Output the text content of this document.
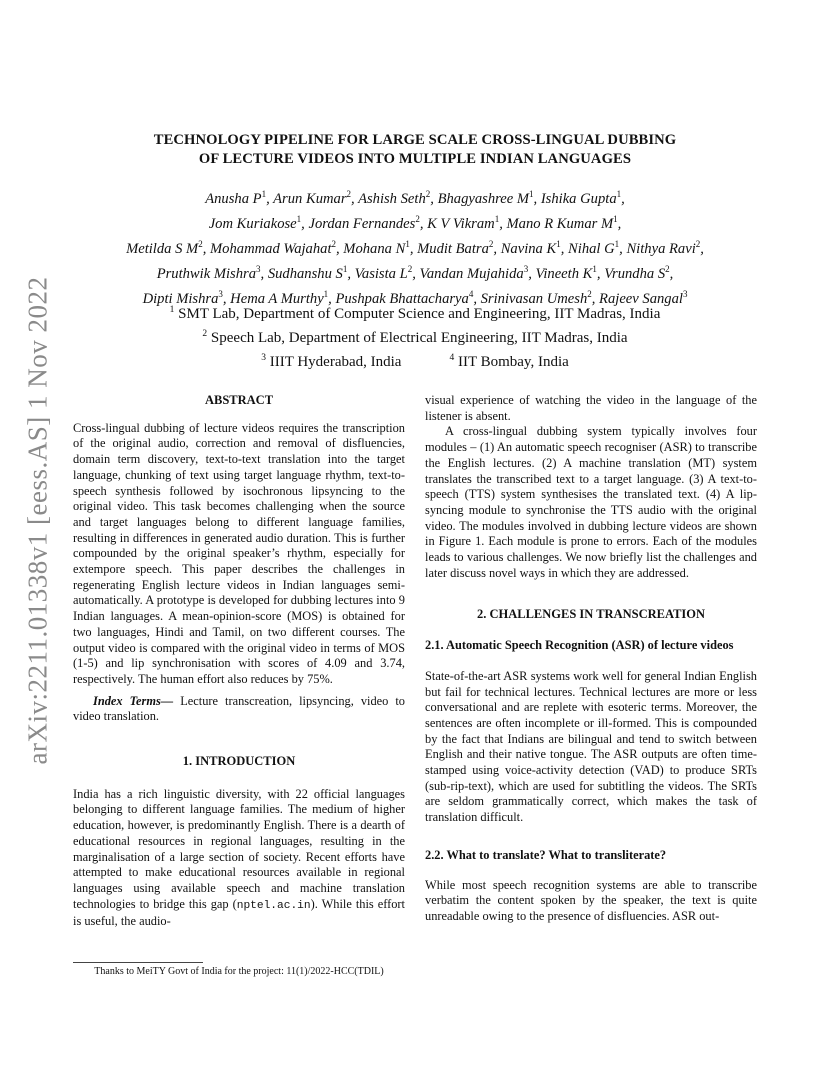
arXiv:2211.01338v1 [eess.AS] 1 Nov 2022
TECHNOLOGY PIPELINE FOR LARGE SCALE CROSS-LINGUAL DUBBING
OF LECTURE VIDEOS INTO MULTIPLE INDIAN LANGUAGES
Anusha $P^1$, Arun Kumar$^2$, Ashish Seth$^2$, Bhagyashree $M^1$, Ishika Gupta$^1$,
Jom Kuriakose$^1$, Jordan Fernandes$^2$, K V Vikram$^1$, Mano R Kumar $M^1$,
Metilda S $M^2$, Mohammad Wajahat$^2$, Mohana $N^1$, Mudit Batra$^2$, Navina $K^1$, Nihal $G^1$, Nithya Ravi$^2$,
Pruthwik Mishra$^3$, Sudhanshu $S^1$, Vasista $L^2$, Vandan Mujahida$^3$, Vineeth $K^1$, Vrundha $S^2$,
Dipti Mishra$^3$, Hema A Murthy$^1$, Pushpak Bhattacharya$^4$, Srinivasan Umesh$^2$, Rajeev Sangal$^3$
$^1$ SMT Lab, Department of Computer Science and Engineering, IIT Madras, India
$^2$ Speech Lab, Department of Electrical Engineering, IIT Madras, India
$^3$ IIIT Hyderabad, India	$^4$ IIT Bombay, India

ABSTRACT

Cross-lingual dubbing of lecture videos requires the transcription of the original audio, correction and removal of disfluencies, domain term discovery, text-to-text translation into the target language, chunking of text using target language rhythm, text-to-speech synthesis followed by isochronous lipsyncing to the original video. This task becomes challenging when the source and target languages belong to different language families, resulting in differences in generated audio duration. This is further compounded by the original speaker’s rhythm, especially for extempore speech. This paper describes the challenges in regenerating English lecture videos in Indian languages semi-automatically. A prototype is developed for dubbing lectures into 9 Indian languages. A mean-opinion-score (MOS) is obtained for two languages, Hindi and Tamil, on two different courses. The output video is compared with the original video in terms of MOS (1-5) and lip synchronisation with scores of 4.09 and 3.74, respectively. The human effort also reduces by 75%.

Index Terms— Lecture transcreation, lipsyncing, video to video translation.

1. INTRODUCTION

India has a rich linguistic diversity, with 22 official languages belonging to different language families. The medium of higher education, however, is predominantly English. There is a dearth of educational resources in regional languages, resulting in the marginalisation of a large section of society. Recent efforts have attempted to make educational resources available in regional languages using available speech and machine translation technologies to bridge this gap (nptel.ac.in). While this effort is useful, the audio-

Thanks to MeiTY Govt of India for the project: 11(1)/2022-HCC(TDIL)

visual experience of watching the video in the language of the listener is absent.

A cross-lingual dubbing system typically involves four modules – (1) An automatic speech recogniser (ASR) to transcribe the English lectures. (2) A machine translation (MT) system translates the transcribed text to a target language. (3) A text-to-speech (TTS) system synthesises the translated text. (4) A lip-syncing module to synchronise the TTS audio with the original video. The modules involved in dubbing lecture videos are shown in Figure 1. Each module is prone to errors. Each of the modules leads to various challenges. We now briefly list the challenges and later discuss novel ways in which they are addressed.

2. CHALLENGES IN TRANSCREATION

2.1. Automatic Speech Recognition (ASR) of lecture videos

State-of-the-art ASR systems work well for general Indian English but fail for technical lectures. Technical lectures are more or less conversational and are replete with esoteric terms. Moreover, the sentences are often incomplete or ill-formed. This is compounded by the fact that Indians are bilingual and tend to switch between English and their native tongue. The ASR outputs are often time-stamped using voice-activity detection (VAD) to produce SRTs (sub-rip-text), which are used for subtitling the videos. The SRTs are seldom grammatically correct, which makes the task of translation difficult.

2.2. What to translate? What to transliterate?

While most speech recognition systems are able to transcribe verbatim the content spoken by the speaker, the text is quite unreadable owing to the presence of disfluencies. ASR out-
